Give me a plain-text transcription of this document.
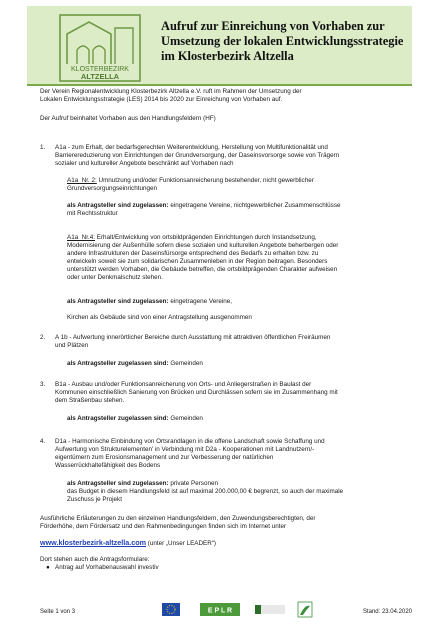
KLOSTERBEZIRK
ALTZELLA
Aufruf zur Einreichung von Vorhaben zur
Umsetzung der lokalen Entwicklungsstrategie
im Klosterbezirk Altzella

Der Verein Regionalentwicklung Klosterbezirk Altzella e.V. ruft im Rahmen der Umsetzung der

Lokalen Entwicklungsstrategie (LES) 2014 bis 2020 zur Einreichung von Vorhaben auf.

Der Aufruf beinhaltet Vorhaben aus den Handlungsfeldern (HF)

1. A1a - zum Erhalt, der bedarfsgerechten Weiterentwicklung, Herstellung von Multifunktionalität und

Barrierereduzierung von Einrichtungen der Grundversorgung, der Daseinsvorsorge sowie von Trägern

sozialer und kultureller Angebote beschränkt auf Vorhaben nach

A1a_Nr. 2: Umnutzung und/oder Funktionsanreicherung bestehender, nicht gewerblicher

Grundversorgungseinrichtungen

als Antragsteller sind zugelassen: eingetragene Vereine, nichtgewerblicher Zusammenschlüsse

mit Rechtsstruktur

A1a_Nr.4: Erhalt/Entwicklung von ortsbildprägenden Einrichtungen durch Instandsetzung,

Modernisierung der Außenhülle sofern diese sozialen und kulturellen Angebote beherbergen oder

andere Infrastrukturen der Daseinsfürsorge entsprechend des Bedarfs zu erhalten bzw. zu

entwickeln soweit sie zum solidarischen Zusammenleben in der Region beitragen. Besonders

unterstützt werden Vorhaben, die Gebäude betreffen, die ortsbildprägenden Charakter aufweisen

oder unter Denkmalschutz stehen.

als Antragsteller sind zugelassen: eingetragene Vereine,

Kirchen als Gebäude sind von einer Antragstellung ausgenommen

2. A 1b - Aufwertung innerörtlicher Bereiche durch Ausstattung mit attraktiven öffentlichen Freiräumen

und Plätzen

als Antragsteller zugelassen sind: Gemeinden

3. B1a - Ausbau und/oder Funktionsanreicherung von Orts- und Anliegerstraßen in Baulast der

Kommunen einschließlich Sanierung von Brücken und Durchlässen sofern sie im Zusammenhang mit

dem Straßenbau stehen.

als Antragsteller zugelassen sind: Gemeinden

4. D1a - Harmonische Einbindung von Ortsrandlagen in die offene Landschaft sowie Schaffung und

Aufwertung von Strukturelementen' in Verbindung mit D2a - Kooperationen mit Landnutzern/-

eigentümern zum Erosionsmanagement und zur Verbesserung der natürlichen

Wasserrückhaltefähigkeit des Bodens

als Antragsteller sind zugelassen: private Personen

das Budget in diesem Handlungsfeld ist auf maximal 200.000,00 € begrenzt, so auch der maximale

Zuschuss je Projekt

Ausführliche Erläuterungen zu den einzelnen Handlungsfeldern, den Zuwendungsberechtigten, der

Förderhöhe, dem Fördersatz und den Rahmenbedingungen finden sich im Internet unter

www.klosterbezirk-altzella.com (unter „Unser LEADER“)

Dort stehen auch die Antragsformulare:

● Antrag auf Vorhabenauswahl investiv

Seite 1 von 3	E P L R	Stand: 23.04.2020
